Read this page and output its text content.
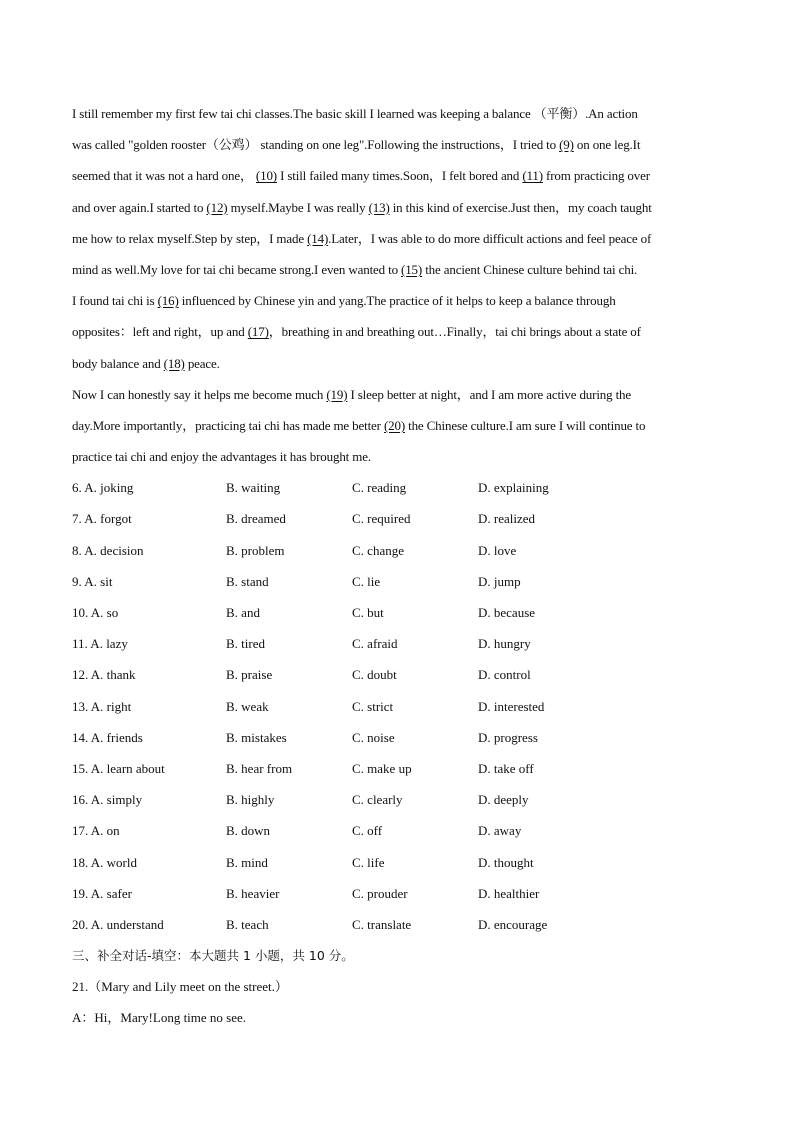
I still remember my first few tai chi classes.The basic skill I learned was keeping a balance （平衡）.An action
was called "golden rooster（公鸡） standing on one leg".Following the instructions，I tried to (9) on one leg.It
seemed that it was not a hard one， (10) I still failed many times.Soon，I felt bored and (11) from practicing over
and over again.I started to (12) myself.Maybe I was really (13) in this kind of exercise.Just then，my coach taught
me how to relax myself.Step by step，I made (14).Later，I was able to do more difficult actions and feel peace of
mind as well.My love for tai chi became strong.I even wanted to (15) the ancient Chinese culture behind tai chi.
I found tai chi is (16) influenced by Chinese yin and yang.The practice of it helps to keep a balance through
opposites：left and right，up and (17)，breathing in and breathing out…Finally，tai chi brings about a state of
body balance and (18) peace.
Now I can honestly say it helps me become much (19) I sleep better at night，and I am more active during the
day.More importantly，practicing tai chi has made me better (20) the Chinese culture.I am sure I will continue to
practice tai chi and enjoy the advantages it has brought me.
6. A. joking	B. waiting	C. reading	D. explaining
7. A. forgot	B. dreamed	C. required	D. realized
8. A. decision	B. problem	C. change	D. love
9. A. sit	B. stand	C. lie	D. jump
10. A. so	B. and	C. but	D. because
11. A. lazy	B. tired	C. afraid	D. hungry
12. A. thank	B. praise	C. doubt	D. control
13. A. right	B. weak	C. strict	D. interested
14. A. friends	B. mistakes	C. noise	D. progress
15. A. learn about	B. hear from	C. make up	D. take off
16. A. simply	B. highly	C. clearly	D. deeply
17. A. on	B. down	C. off	D. away
18. A. world	B. mind	C. life	D. thought
19. A. safer	B. heavier	C. prouder	D. healthier
20. A. understand	B. teach	C. translate	D. encourage
三、补全对话-填空：本大题共 1 小题，共 10 分。
21.（Mary and Lily meet on the street.）
A：Hi，Mary!Long time no see.
